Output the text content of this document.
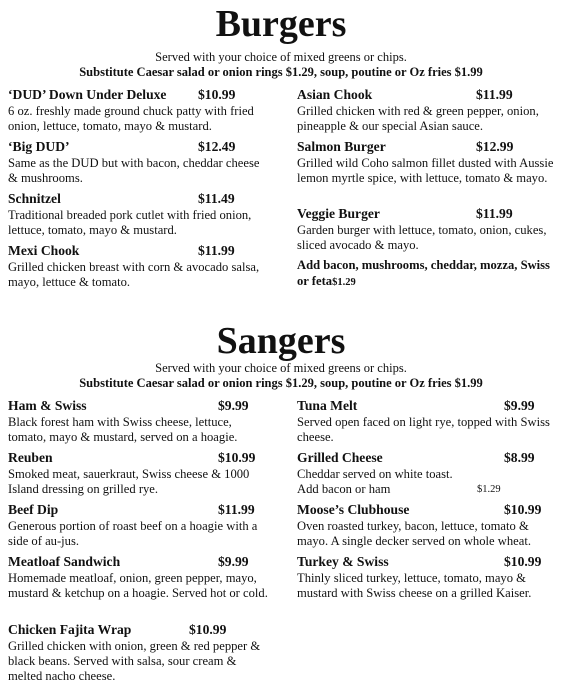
Burgers
Served with your choice of mixed greens or chips.
Substitute Caesar salad or onion rings $1.29, soup, poutine or Oz fries $1.99
‘DUD’ Down Under Deluxe $10.99

6 oz. freshly made ground chuck patty with fried onion, lettuce, tomato, mayo & mustard.

‘Big DUD’	$12.49

Same as the DUD but with bacon, cheddar cheese & mushrooms.

Schnitzel	$11.49

Traditional breaded pork cutlet with fried onion, lettuce, tomato, mayo & mustard.

Mexi Chook	$11.99

Grilled chicken breast with corn & avocado salsa, mayo, lettuce & tomato.

Asian Chook	$11.99

Grilled chicken with red & green pepper, onion, pineapple & our special Asian sauce.

Salmon Burger	$12.99

Grilled wild Coho salmon fillet dusted with Aussie lemon myrtle spice, with lettuce, tomato & mayo.

Veggie Burger	$11.99

Garden burger with lettuce, tomato, onion, cukes, sliced avocado & mayo.

Add bacon, mushrooms, cheddar, mozza, Swiss or feta$1.29
Sangers
Served with your choice of mixed greens or chips.
Substitute Caesar salad or onion rings $1.29, soup, poutine or Oz fries $1.99
Ham & Swiss	$9.99

Black forest ham with Swiss cheese, lettuce, tomato, mayo & mustard, served on a hoagie.

Reuben	$10.99

Smoked meat, sauerkraut, Swiss cheese & 1000 Island dressing on grilled rye.

Beef Dip	$11.99

Generous portion of roast beef on a hoagie with a side of au-jus.

Meatloaf Sandwich	$9.99

Homemade meatloaf, onion, green pepper, mayo, mustard & ketchup on a hoagie. Served hot or cold.

Chicken Fajita Wrap	$10.99

Grilled chicken with onion, green & red pepper & black beans. Served with salsa, sour cream & melted nacho cheese.

Tuna Melt	$9.99

Served open faced on light rye, topped with Swiss cheese.

Grilled Cheese	$8.99

Cheddar served on white toast.

Add bacon or ham	$1.29
Moose’s Clubhouse	$10.99

Oven roasted turkey, bacon, lettuce, tomato & mayo. A single decker served on whole wheat.

Turkey & Swiss	$10.99

Thinly sliced turkey, lettuce, tomato, mayo & mustard with Swiss cheese on a grilled Kaiser.
